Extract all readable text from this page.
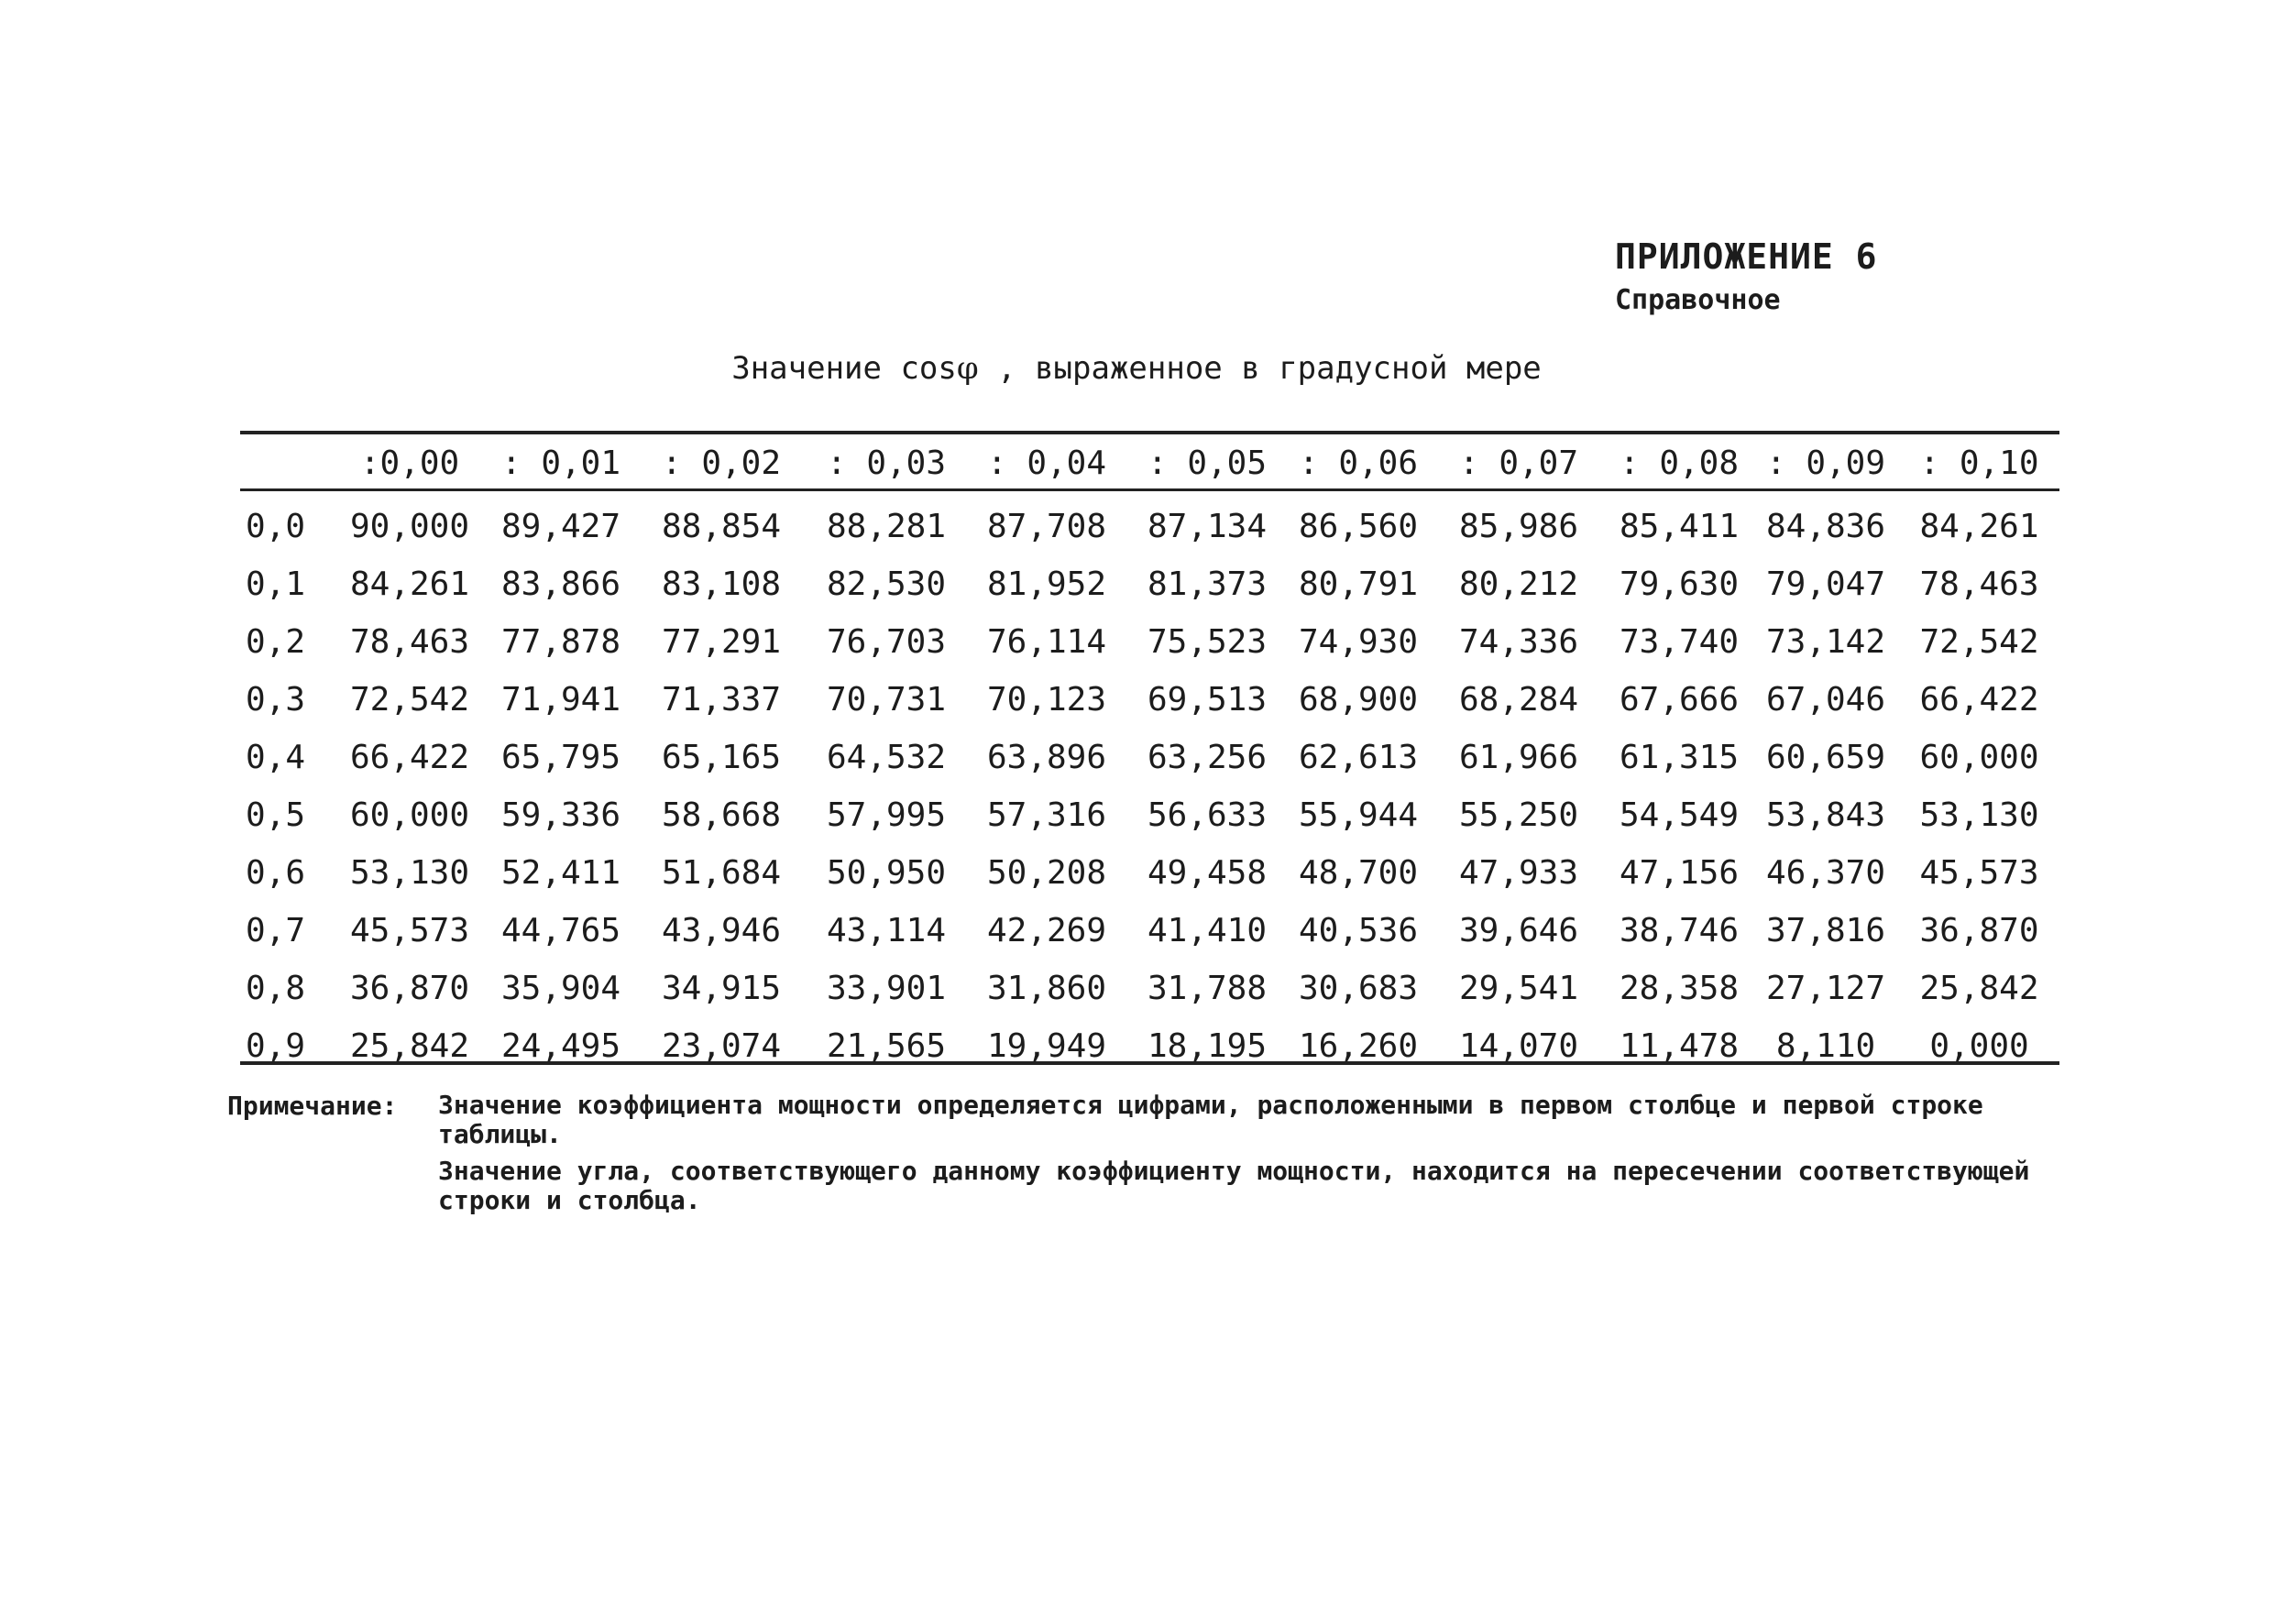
ПРИЛОЖЕНИЕ 6
Справочное
Значение cosφ , выраженное в градусной мере
	:0,00	: 0,01	: 0,02	: 0,03	: 0,04	: 0,05	: 0,06	: 0,07	: 0,08	: 0,09	: 0,10
0,0	90,000	89,427	88,854	88,281	87,708	87,134	86,560	85,986	85,411	84,836	84,261
0,1	84,261	83,866	83,108	82,530	81,952	81,373	80,791	80,212	79,630	79,047	78,463
0,2	78,463	77,878	77,291	76,703	76,114	75,523	74,930	74,336	73,740	73,142	72,542
0,3	72,542	71,941	71,337	70,731	70,123	69,513	68,900	68,284	67,666	67,046	66,422
0,4	66,422	65,795	65,165	64,532	63,896	63,256	62,613	61,966	61,315	60,659	60,000
0,5	60,000	59,336	58,668	57,995	57,316	56,633	55,944	55,250	54,549	53,843	53,130
0,6	53,130	52,411	51,684	50,950	50,208	49,458	48,700	47,933	47,156	46,370	45,573
0,7	45,573	44,765	43,946	43,114	42,269	41,410	40,536	39,646	38,746	37,816	36,870
0,8	36,870	35,904	34,915	33,901	31,860	31,788	30,683	29,541	28,358	27,127	25,842
0,9	25,842	24,495	23,074	21,565	19,949	18,195	16,260	14,070	11,478	8,110	0,000
Примечание: Значение коэффициента мощности определяется цифрами, расположенными в первом столбце и первой строке таблицы.
Значение угла, соответствующего данному коэффициенту мощности, находится на пересечении соответствующей строки и столбца.
